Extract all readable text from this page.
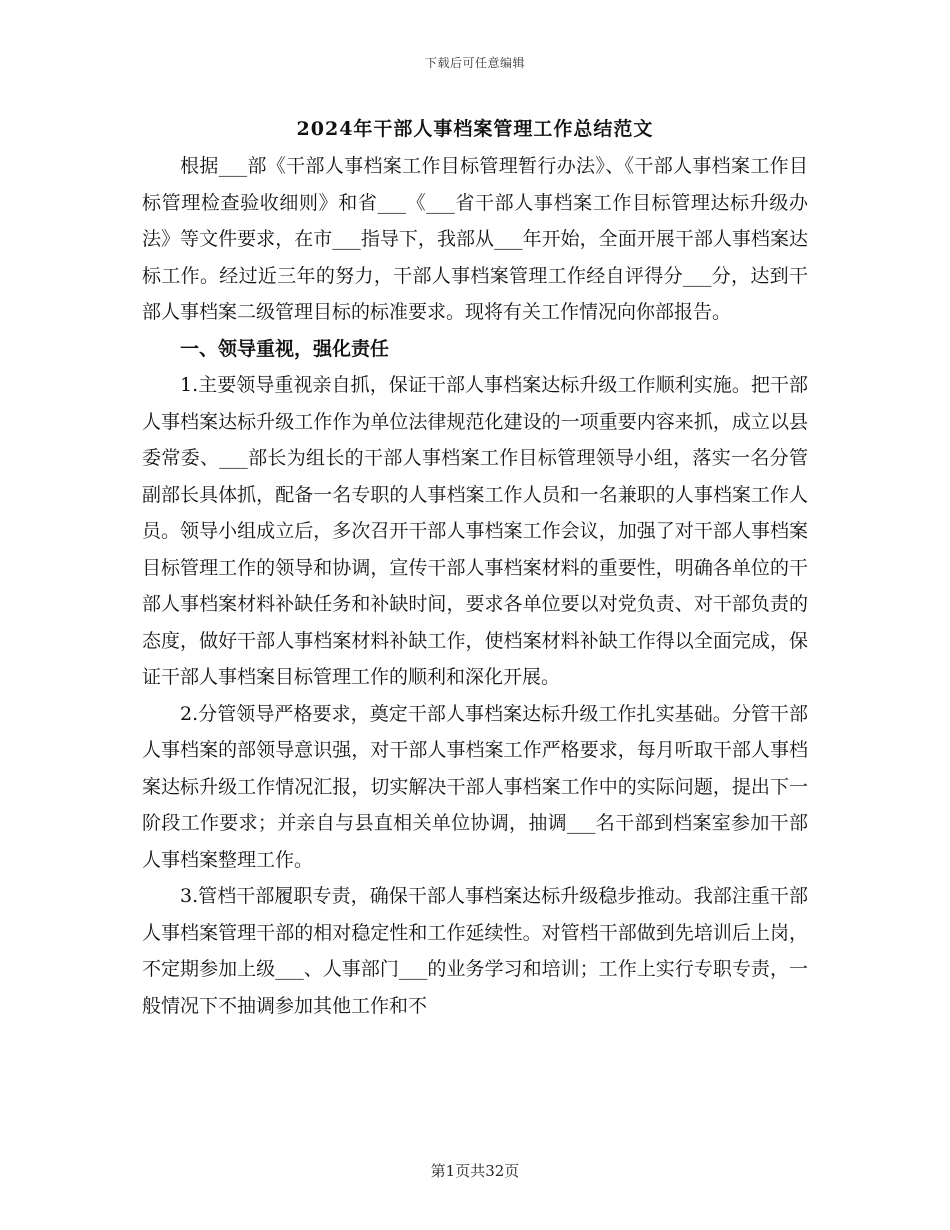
下载后可任意编辑
2024年干部人事档案管理工作总结范文

根据___部《干部人事档案工作目标管理暂行办法》、《干部人事档案工作目标管理检查验收细则》和省___《___省干部人事档案工作目标管理达标升级办法》等文件要求，在市___指导下，我部从___年开始，全面开展干部人事档案达标工作。经过近三年的努力，干部人事档案管理工作经自评得分___分，达到干部人事档案二级管理目标的标准要求。现将有关工作情况向你部报告。

一、领导重视，强化责任

1.主要领导重视亲自抓，保证干部人事档案达标升级工作顺利实施。把干部人事档案达标升级工作作为单位法律规范化建设的一项重要内容来抓，成立以县委常委、___部长为组长的干部人事档案工作目标管理领导小组，落实一名分管副部长具体抓，配备一名专职的人事档案工作人员和一名兼职的人事档案工作人员。领导小组成立后，多次召开干部人事档案工作会议，加强了对干部人事档案目标管理工作的领导和协调，宣传干部人事档案材料的重要性，明确各单位的干部人事档案材料补缺任务和补缺时间，要求各单位要以对党负责、对干部负责的态度，做好干部人事档案材料补缺工作，使档案材料补缺工作得以全面完成，保证干部人事档案目标管理工作的顺利和深化开展。

2.分管领导严格要求，奠定干部人事档案达标升级工作扎实基础。分管干部人事档案的部领导意识强，对干部人事档案工作严格要求，每月听取干部人事档案达标升级工作情况汇报，切实解决干部人事档案工作中的实际问题，提出下一阶段工作要求；并亲自与县直相关单位协调，抽调___名干部到档案室参加干部人事档案整理工作。

3.管档干部履职专责，确保干部人事档案达标升级稳步推动。我部注重干部人事档案管理干部的相对稳定性和工作延续性。对管档干部做到先培训后上岗，不定期参加上级___、人事部门___的业务学习和培训；工作上实行专职专责，一般情况下不抽调参加其他工作和不

第1页共32页
